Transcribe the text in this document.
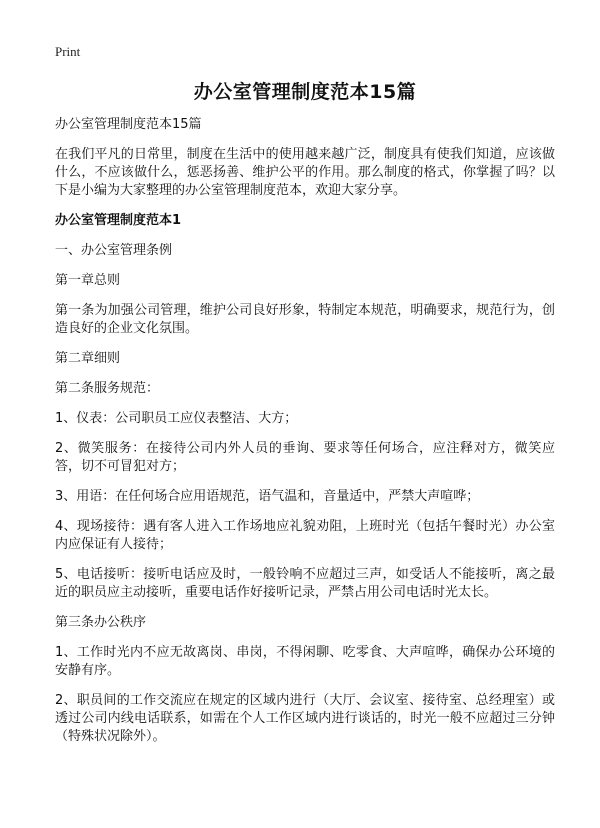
Print
办公室管理制度范本15篇

办公室管理制度范本15篇

在我们平凡的日常里，制度在生活中的使用越来越广泛，制度具有使我们知道，应该做什么，不应该做什么，惩恶扬善、维护公平的作用。那么制度的格式，你掌握了吗？以下是小编为大家整理的办公室管理制度范本，欢迎大家分享。

办公室管理制度范本1

一、办公室管理条例

第一章总则

第一条为加强公司管理，维护公司良好形象，特制定本规范，明确要求，规范行为，创造良好的企业文化氛围。

第二章细则

第二条服务规范：

1、仪表：公司职员工应仪表整洁、大方；

2、微笑服务：在接待公司内外人员的垂询、要求等任何场合，应注释对方，微笑应答，切不可冒犯对方；

3、用语：在任何场合应用语规范，语气温和，音量适中，严禁大声喧哗；

4、现场接待：遇有客人进入工作场地应礼貌劝阻，上班时光（包括午餐时光）办公室内应保证有人接待；

5、电话接听：接听电话应及时，一般铃响不应超过三声，如受话人不能接听，离之最近的职员应主动接听，重要电话作好接听记录，严禁占用公司电话时光太长。

第三条办公秩序

1、工作时光内不应无故离岗、串岗，不得闲聊、吃零食、大声喧哗，确保办公环境的安静有序。

2、职员间的工作交流应在规定的区域内进行（大厅、会议室、接待室、总经理室）或透过公司内线电话联系，如需在个人工作区域内进行谈话的，时光一般不应超过三分钟（特殊状况除外）。
